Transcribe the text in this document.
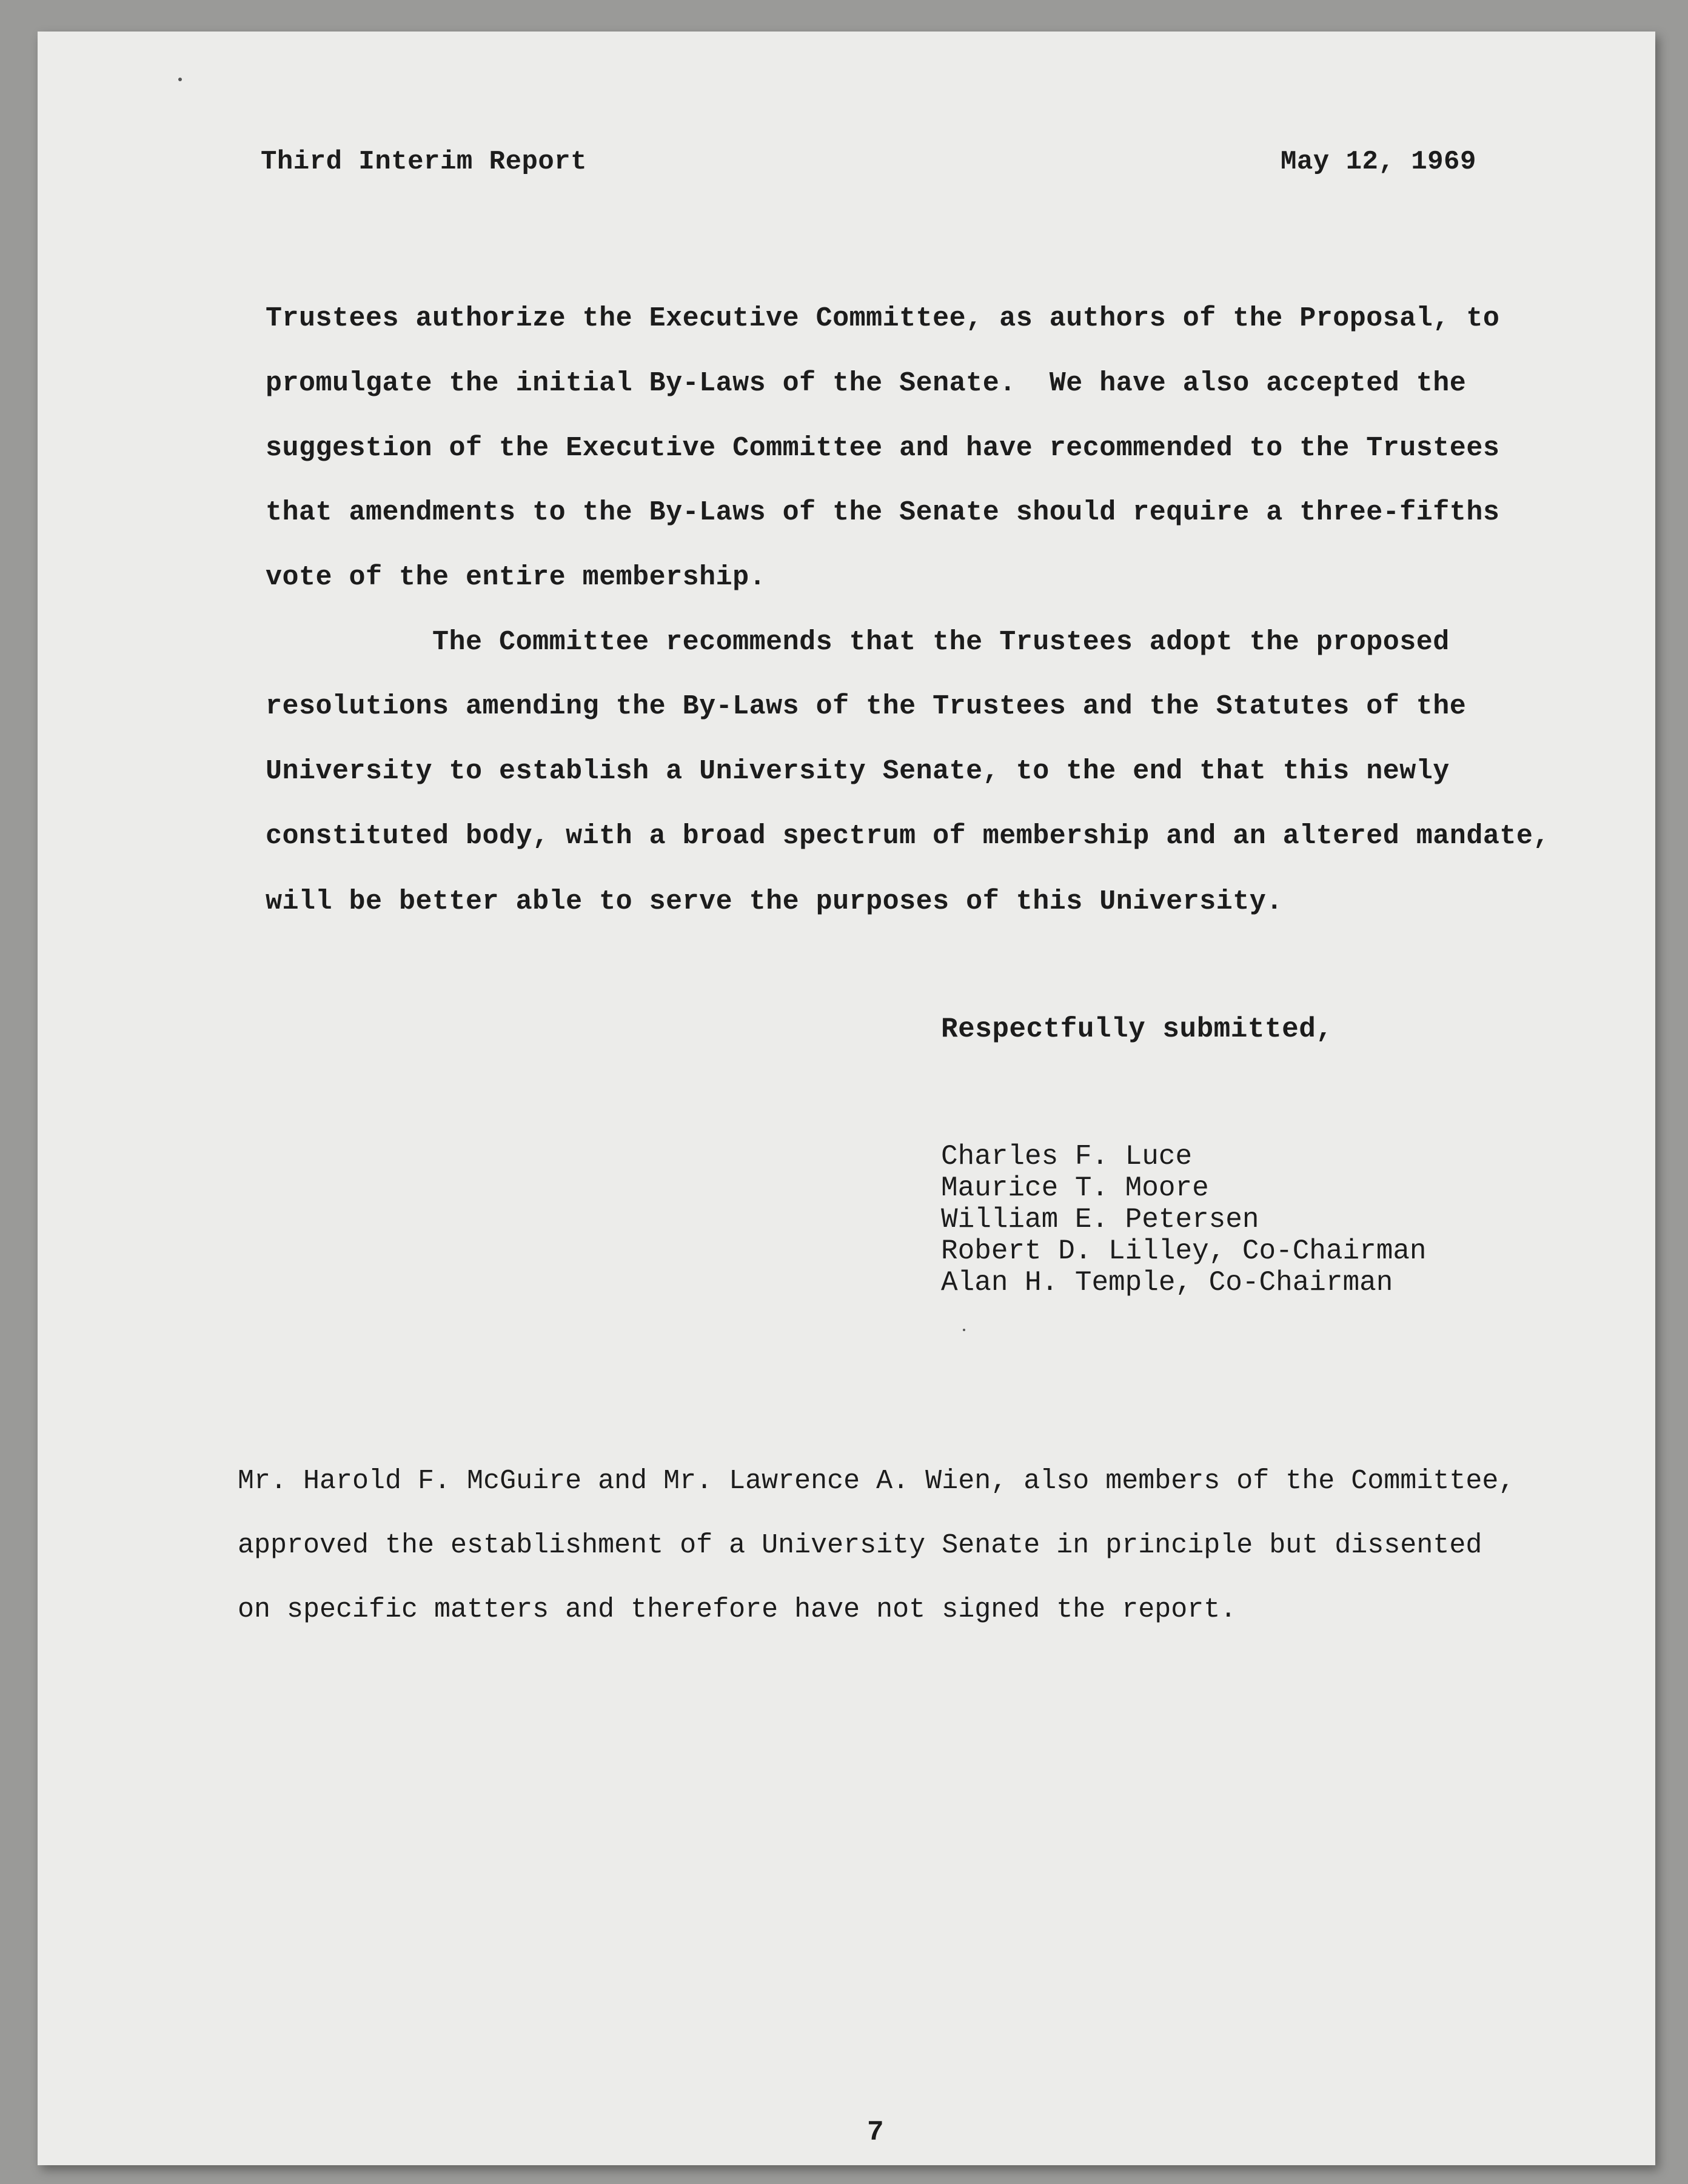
Third Interim Report	May 12, 1969
Trustees authorize the Executive Committee, as authors of the Proposal, to
promulgate the initial By-Laws of the Senate.  We have also accepted the
suggestion of the Executive Committee and have recommended to the Trustees
that amendments to the By-Laws of the Senate should require a three-fifths
vote of the entire membership.
The Committee recommends that the Trustees adopt the proposed
resolutions amending the By-Laws of the Trustees and the Statutes of the
University to establish a University Senate, to the end that this newly
constituted body, with a broad spectrum of membership and an altered mandate,
will be better able to serve the purposes of this University.
Respectfully submitted,
Charles F. Luce
Maurice T. Moore
William E. Petersen
Robert D. Lilley, Co-Chairman
Alan H. Temple, Co-Chairman
Mr. Harold F. McGuire and Mr. Lawrence A. Wien, also members of the Committee,
approved the establishment of a University Senate in principle but dissented
on specific matters and therefore have not signed the report.
7
